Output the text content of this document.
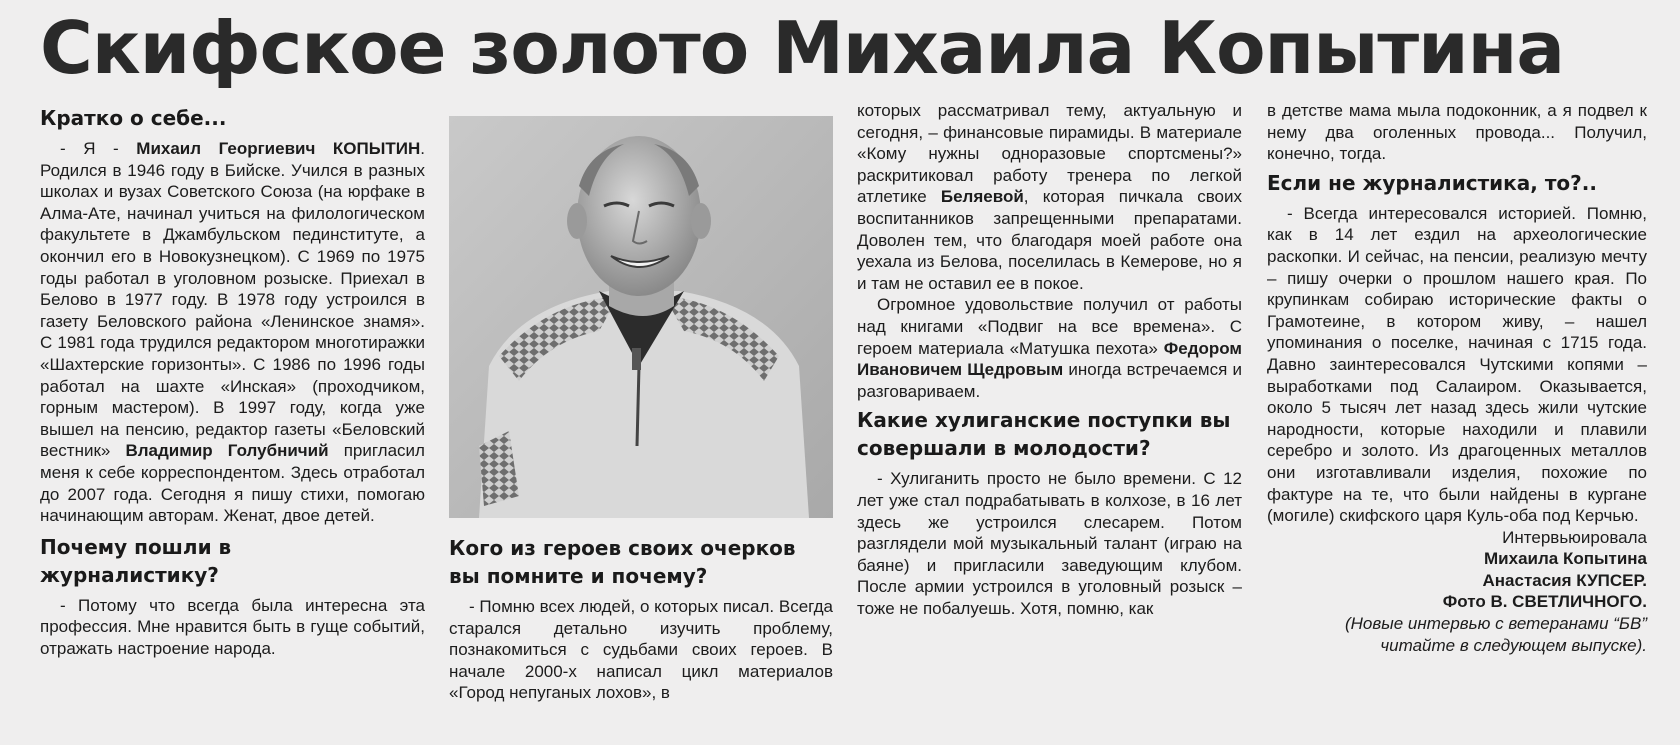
Скифское золото Михаила Копытина
Кратко о себе...

- Я - Михаил Георгиевич КОПЫТИН. Родился в 1946 году в Бийске. Учился в разных школах и вузах Советского Союза (на юрфаке в Алма-Ате, начинал учиться на филологическом факультете в Джамбульском пединституте, а окончил его в Новокузнецком). С 1969 по 1975 годы работал в уголовном розыске. Приехал в Белово в 1977 году. В 1978 году устроился в газету Беловского района «Ленинское знамя». С 1981 года трудился редактором многотиражки «Шахтерские горизонты». С 1986 по 1996 годы работал на шахте «Инская» (проходчиком, горным мастером). В 1997 году, когда уже вышел на пенсию, редактор газеты «Беловский вестник» Владимир Голубничий пригласил меня к себе корреспондентом. Здесь отработал до 2007 года. Сегодня я пишу стихи, помогаю начинающим авторам. Женат, двое детей.

Почему пошли в журналистику?

- Потому что всегда была интересна эта профессия. Мне нравится быть в гуще событий, отражать настроение народа.

Кого из героев своих очерков вы помните и почему?

- Помню всех людей, о которых писал. Всегда старался детально изучить проблему, познакомиться с судьбами своих героев. В начале 2000-х написал цикл материалов «Город непуганых лохов», в

которых рассматривал тему, актуальную и сегодня, – финансовые пирамиды. В материале «Кому нужны одноразовые спортсмены?» раскритиковал работу тренера по легкой атлетике Беляевой, которая пичкала своих воспитанников запрещенными препаратами. Доволен тем, что благодаря моей работе она уехала из Белова, поселилась в Кемерове, но я и там не оставил ее в покое.

Огромное удовольствие получил от работы над книгами «Подвиг на все времена». С героем материала «Матушка пехота» Федором Ивановичем Щедровым иногда встречаемся и разговариваем.

Какие хулиганские поступки вы совершали в молодости?

- Хулиганить просто не было времени. С 12 лет уже стал подрабатывать в колхозе, в 16 лет здесь же устроился слесарем. Потом разглядели мой музыкальный талант (играю на баяне) и пригласили заведующим клубом. После армии устроился в уголовный розыск – тоже не побалуешь. Хотя, помню, как

в детстве мама мыла подоконник, а я подвел к нему два оголенных провода... Получил, конечно, тогда.

Если не журналистика, то?..

- Всегда интересовался историей. Помню, как в 14 лет ездил на археологические раскопки. И сейчас, на пенсии, реализую мечту – пишу очерки о прошлом нашего края. По крупинкам собираю исторические факты о Грамотеине, в котором живу, – нашел упоминания о поселке, начиная с 1715 года. Давно заинтересовался Чутскими копями – выработками под Салаиром. Оказывается, около 5 тысяч лет назад здесь жили чутские народности, которые находили и плавили серебро и золото. Из драгоценных металлов они изготавливали изделия, похожие по фактуре на те, что были найдены в кургане (могиле) скифского царя Куль-оба под Керчью.

Интервьюировала

Михаила Копытина

Анастасия КУПСЕР.

Фото В. СВЕТЛИЧНОГО.

(Новые интервью с ветеранами “БВ” читайте в следующем выпуске).
